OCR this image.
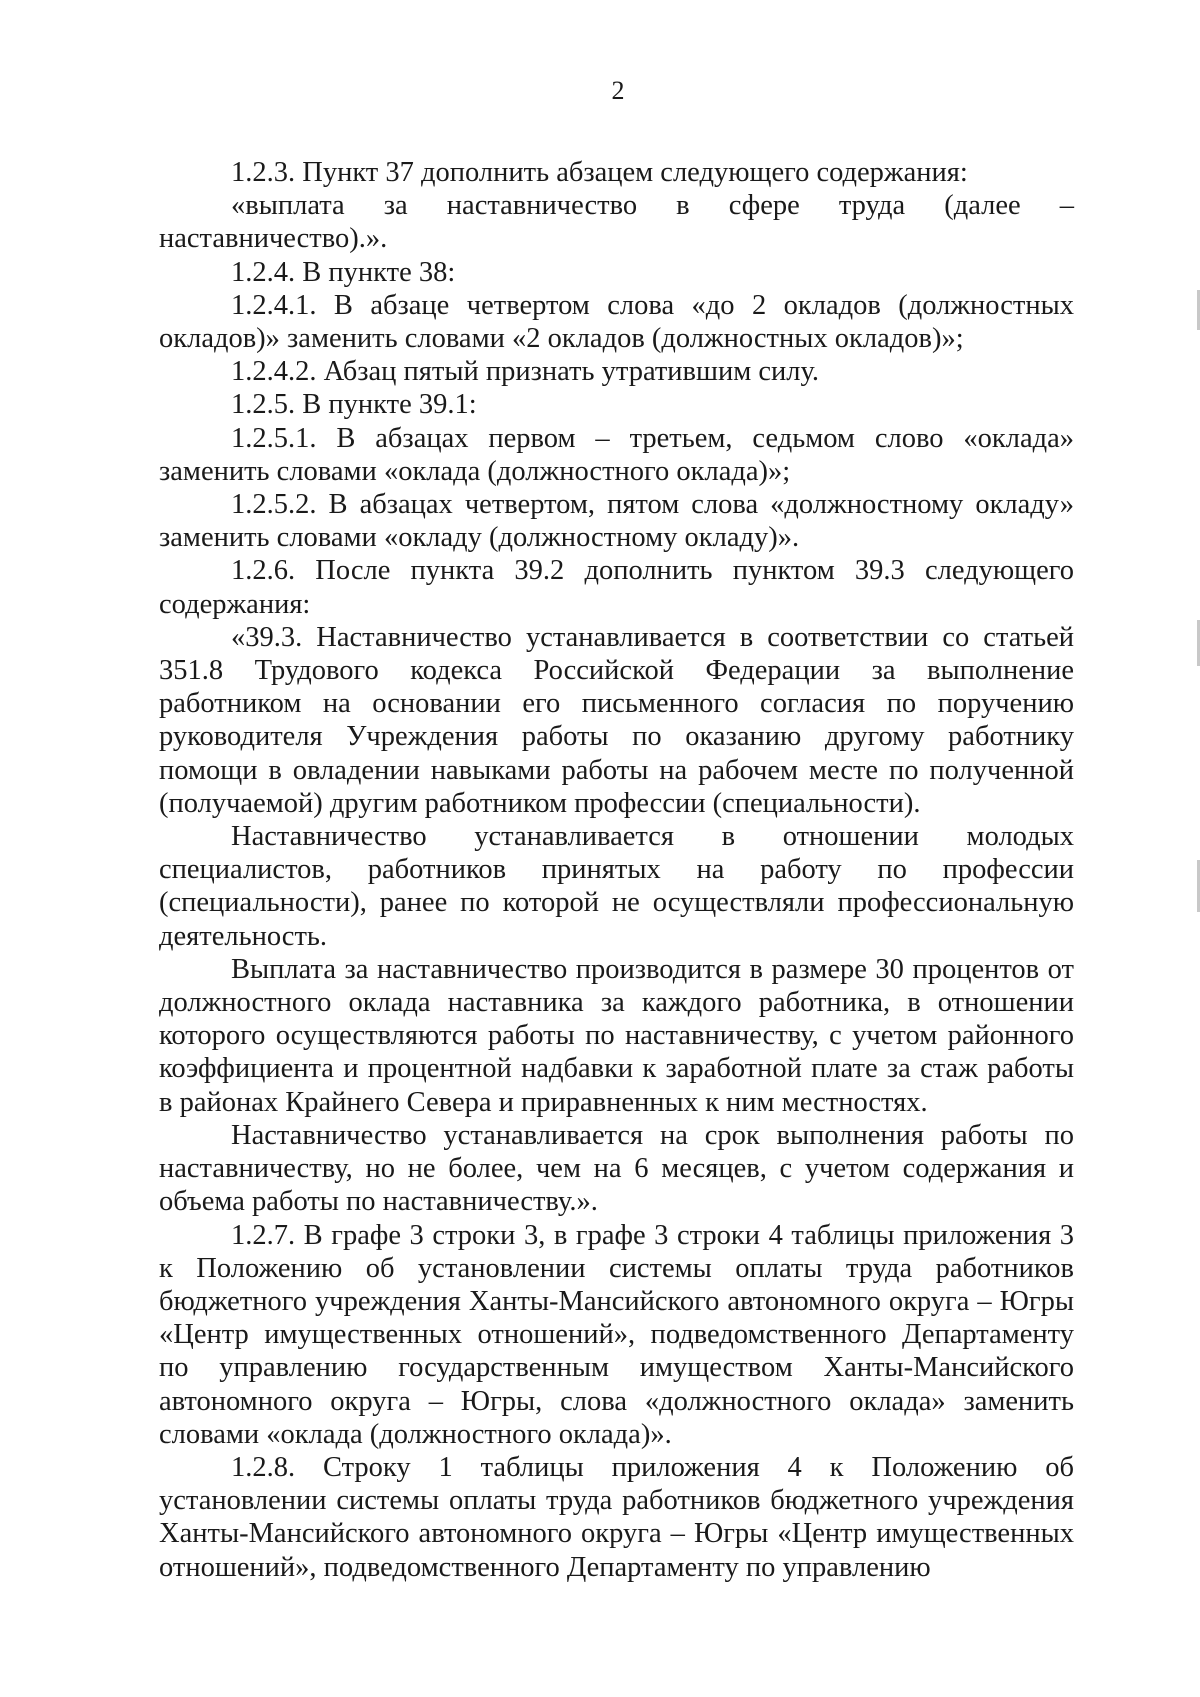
2

1.2.3. Пункт 37 дополнить абзацем следующего содержания:

«выплата за наставничество в сфере труда (далее – наставничество).».

1.2.4. В пункте 38:

1.2.4.1. В абзаце четвертом слова «до 2 окладов (должностных окладов)» заменить словами «2 окладов (должностных окладов)»;

1.2.4.2. Абзац пятый признать утратившим силу.

1.2.5. В пункте 39.1:

1.2.5.1. В абзацах первом – третьем, седьмом слово «оклада» заменить словами «оклада (должностного оклада)»;

1.2.5.2. В абзацах четвертом, пятом слова «должностному окладу» заменить словами «окладу (должностному окладу)».

1.2.6. После пункта 39.2 дополнить пунктом 39.3 следующего содержания:

«39.3. Наставничество устанавливается в соответствии со статьей 351.8 Трудового кодекса Российской Федерации за выполнение работником на основании его письменного согласия по поручению руководителя Учреждения работы по оказанию другому работнику помощи в овладении навыками работы на рабочем месте по полученной (получаемой) другим работником профессии (специальности).

Наставничество устанавливается в отношении молодых специалистов, работников принятых на работу по профессии (специальности), ранее по которой не осуществляли профессиональную деятельность.

Выплата за наставничество производится в размере 30 процентов от должностного оклада наставника за каждого работника, в отношении которого осуществляются работы по наставничеству, с учетом районного коэффициента и процентной надбавки к заработной плате за стаж работы в районах Крайнего Севера и приравненных к ним местностях.

Наставничество устанавливается на срок выполнения работы по наставничеству, но не более, чем на 6 месяцев, с учетом содержания и объема работы по наставничеству.».

1.2.7. В графе 3 строки 3, в графе 3 строки 4 таблицы приложения 3 к Положению об установлении системы оплаты труда работников бюджетного учреждения Ханты-Мансийского автономного округа – Югры «Центр имущественных отношений», подведомственного Департаменту по управлению государственным имуществом Ханты-Мансийского автономного округа – Югры, слова «должностного оклада» заменить словами «оклада (должностного оклада)».

1.2.8. Строку 1 таблицы приложения 4 к Положению об установлении системы оплаты труда работников бюджетного учреждения Ханты-Мансийского автономного округа – Югры «Центр имущественных отношений», подведомственного Департаменту по управлению
